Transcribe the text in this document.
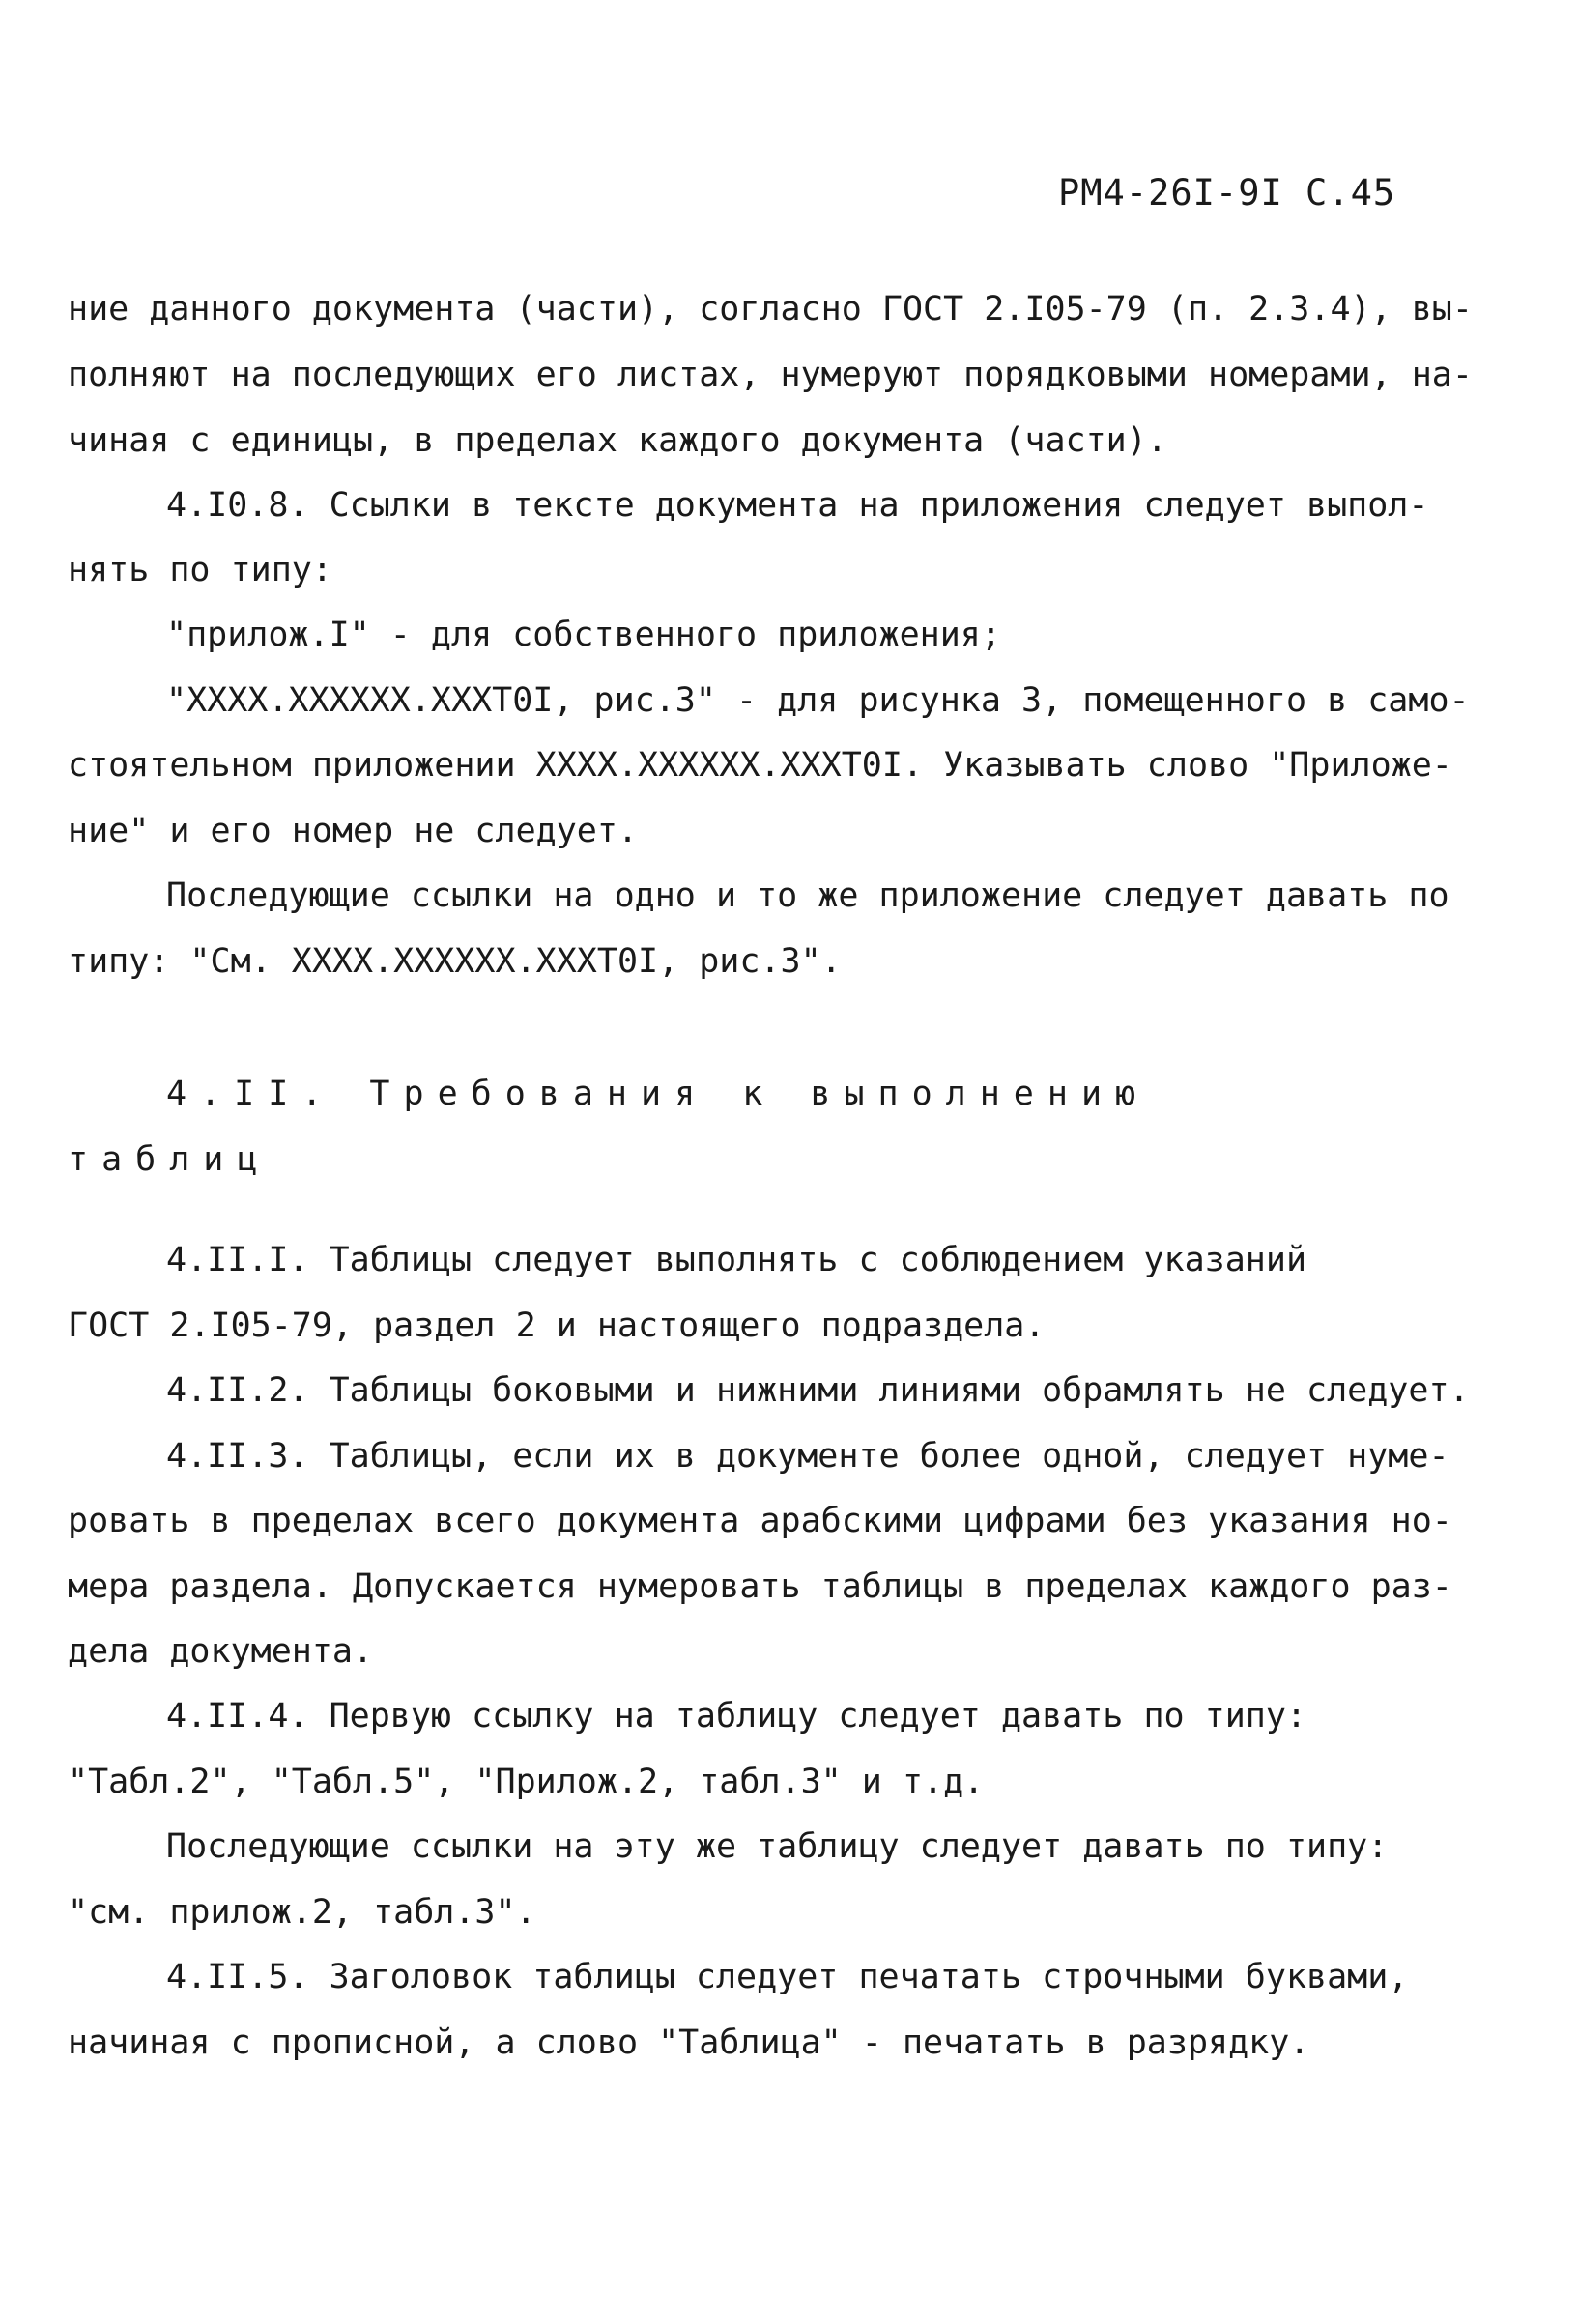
РМ4-26I-9I С.45
ние данного документа (части), согласно ГОСТ 2.I05-79 (п. 2.3.4), вы-
полняют на последующих его листах, нумеруют порядковыми номерами, на-
чиная с единицы, в пределах каждого документа (части).
4.I0.8. Ссылки в тексте документа на приложения следует выпол-
нять по типу:
"прилож.I" - для собственного приложения;
"XXXX.XXXXXX.XXXT0I, рис.3" - для рисунка 3, помещенного в само-
стоятельном приложении XXXX.XXXXXX.XXXT0I. Указывать слово "Приложе-
ние" и его номер не следует.
Последующие ссылки на одно и то же приложение следует давать по
типу: "См. XXXX.XXXXXX.XXXT0I, рис.3".
4.II. Требования к выполнению
таблиц
4.II.I. Таблицы следует выполнять с соблюдением указаний
ГОСТ 2.I05-79, раздел 2 и настоящего подраздела.
4.II.2. Таблицы боковыми и нижними линиями обрамлять не следует.
4.II.3. Таблицы, если их в документе более одной, следует нуме-
ровать в пределах всего документа арабскими цифрами без указания но-
мера раздела. Допускается нумеровать таблицы в пределах каждого раз-
дела документа.
4.II.4. Первую ссылку на таблицу следует давать по типу:
"Табл.2", "Табл.5", "Прилож.2, табл.3" и т.д.
Последующие ссылки на эту же таблицу следует давать по типу:
"см. прилож.2, табл.3".
4.II.5. Заголовок таблицы следует печатать строчными буквами,
начиная с прописной, а слово "Таблица" - печатать в разрядку.
